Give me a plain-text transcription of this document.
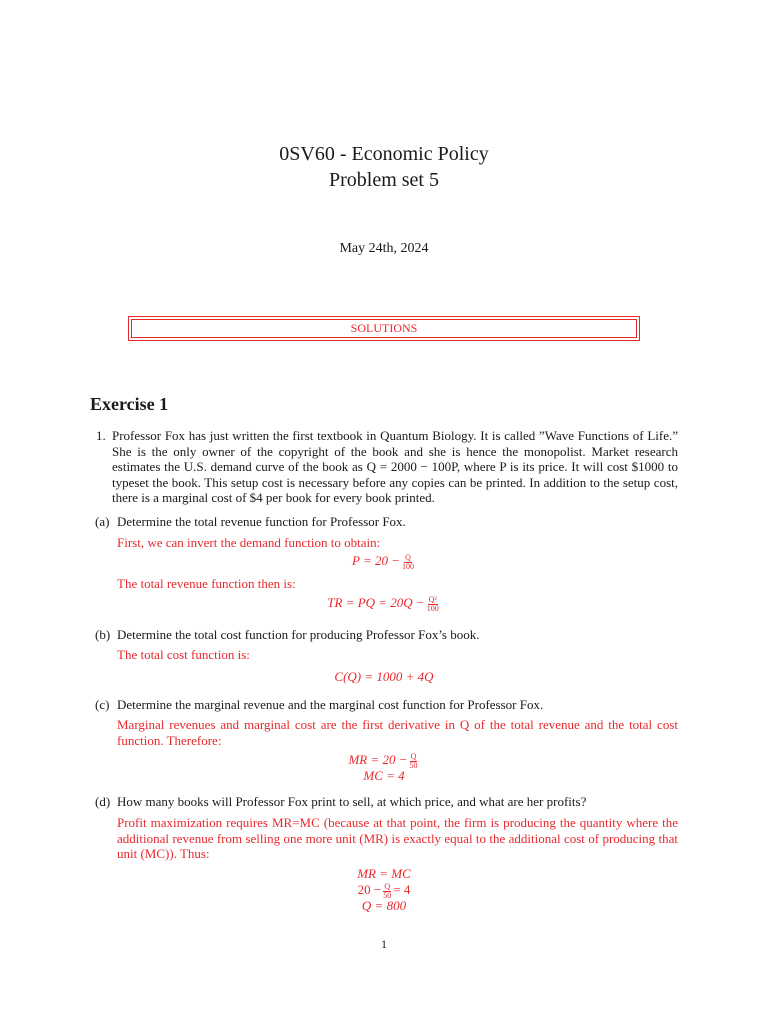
0SV60 - Economic Policy
Problem set 5
May 24th, 2024
SOLUTIONS
Exercise 1
1. Professor Fox has just written the first textbook in Quantum Biology. It is called ”Wave Functions of Life.” She is the only owner of the copyright of the book and she is hence the monopolist. Market research estimates the U.S. demand curve of the book as Q = 2000 − 100P, where P is its price. It will cost $1000 to typeset the book. This setup cost is necessary before any copies can be printed. In addition to the setup cost, there is a marginal cost of $4 per book for every book printed.
(a) Determine the total revenue function for Professor Fox.
First, we can invert the demand function to obtain:
$P = 20 - \frac{Q}{100}$
The total revenue function then is:
TR = PQ = $20Q - \frac{\text{Q²}}{100}$
(b) Determine the total cost function for producing Professor Fox’s book.
The total cost function is:
C(Q) = 1000 + 4Q
(c) Determine the marginal revenue and the marginal cost function for Professor Fox.
Marginal revenues and marginal cost are the first derivative in Q of the total revenue and the total cost function. Therefore:
MR = $20 - \frac{Q}{50}$
MC = 4
(d) How many books will Professor Fox print to sell, at which price, and what are her profits?
Profit maximization requires MR=MC (because at that point, the firm is producing the quantity where the additional revenue from selling one more unit (MR) is exactly equal to the additional cost of producing that unit (MC)). Thus:
MR = MC
$20 - \frac{Q}{50} = 4$
Q = 800
1
